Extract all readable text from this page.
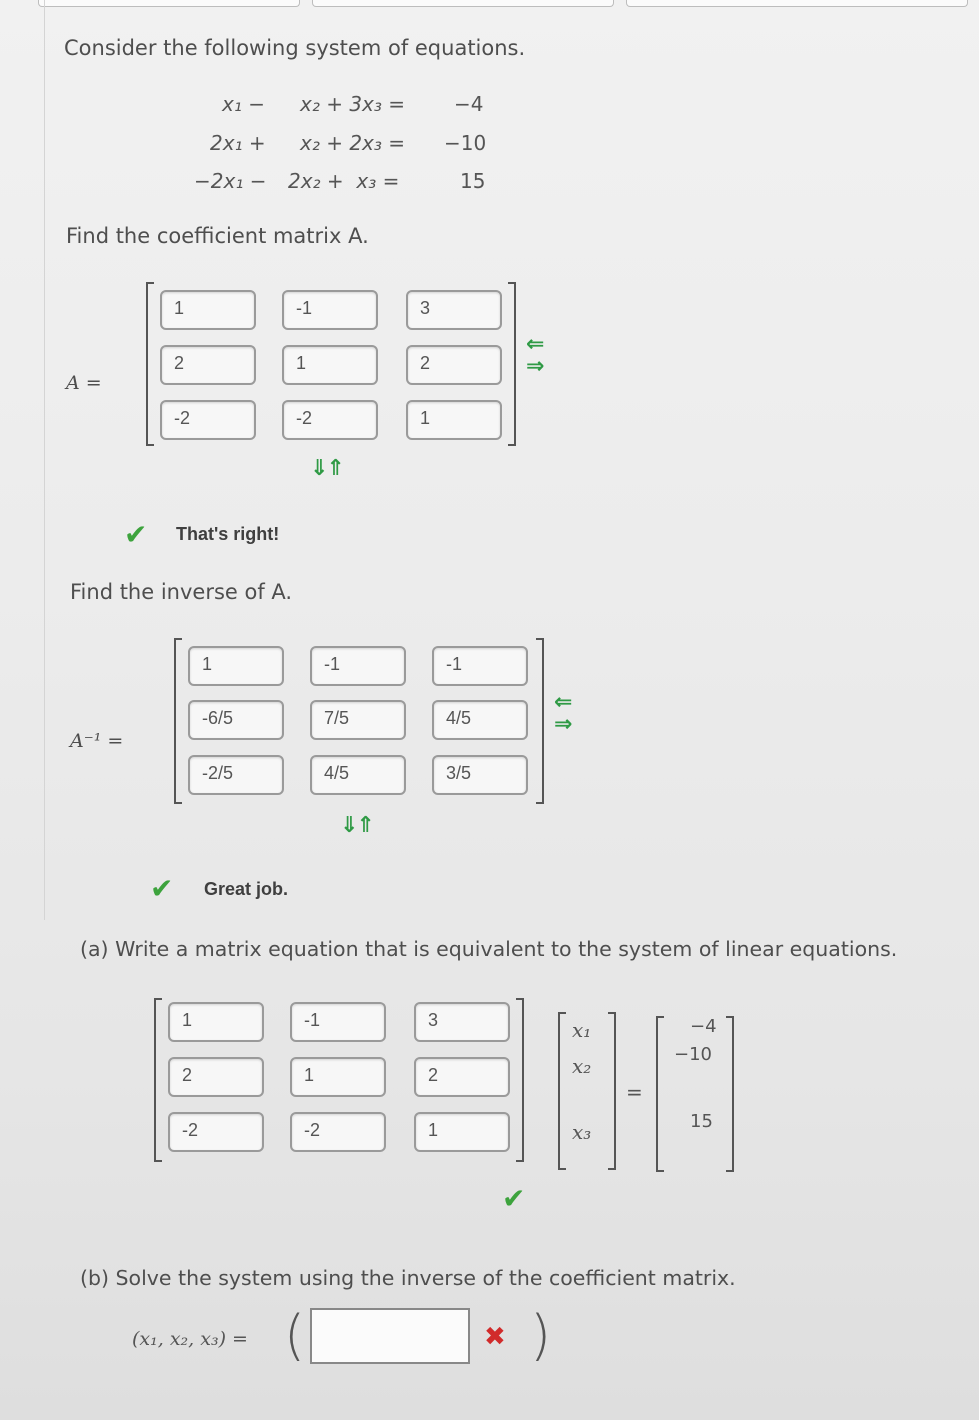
Consider the following system of equations.
x₁ − x₂ + 3x₃ = −4
2x₁ + x₂ + 2x₃ = −10
−2x₁ − 2x₂ +  x₃ =	15
Find the coefficient matrix A.
A =
1	-1	3
2	1	2
-2	-2	1
⇐
⇒
⇓⇑
✔ That's right!
Find the inverse of A.
A⁻¹ =
1	-1	-1
-6/5	7/5	4/5
-2/5	4/5	3/5
⇐
⇒
⇓⇑
✔ Great job.
(a) Write a matrix equation that is equivalent to the system of linear equations.
1	-1	3
2	1	2
-2	-2	1
x₁
x₂
x₃
=
−4
−10
15
✔
(b) Solve the system using the inverse of the coefficient matrix.
(x₁, x₂, x₃) = (	✖ )
